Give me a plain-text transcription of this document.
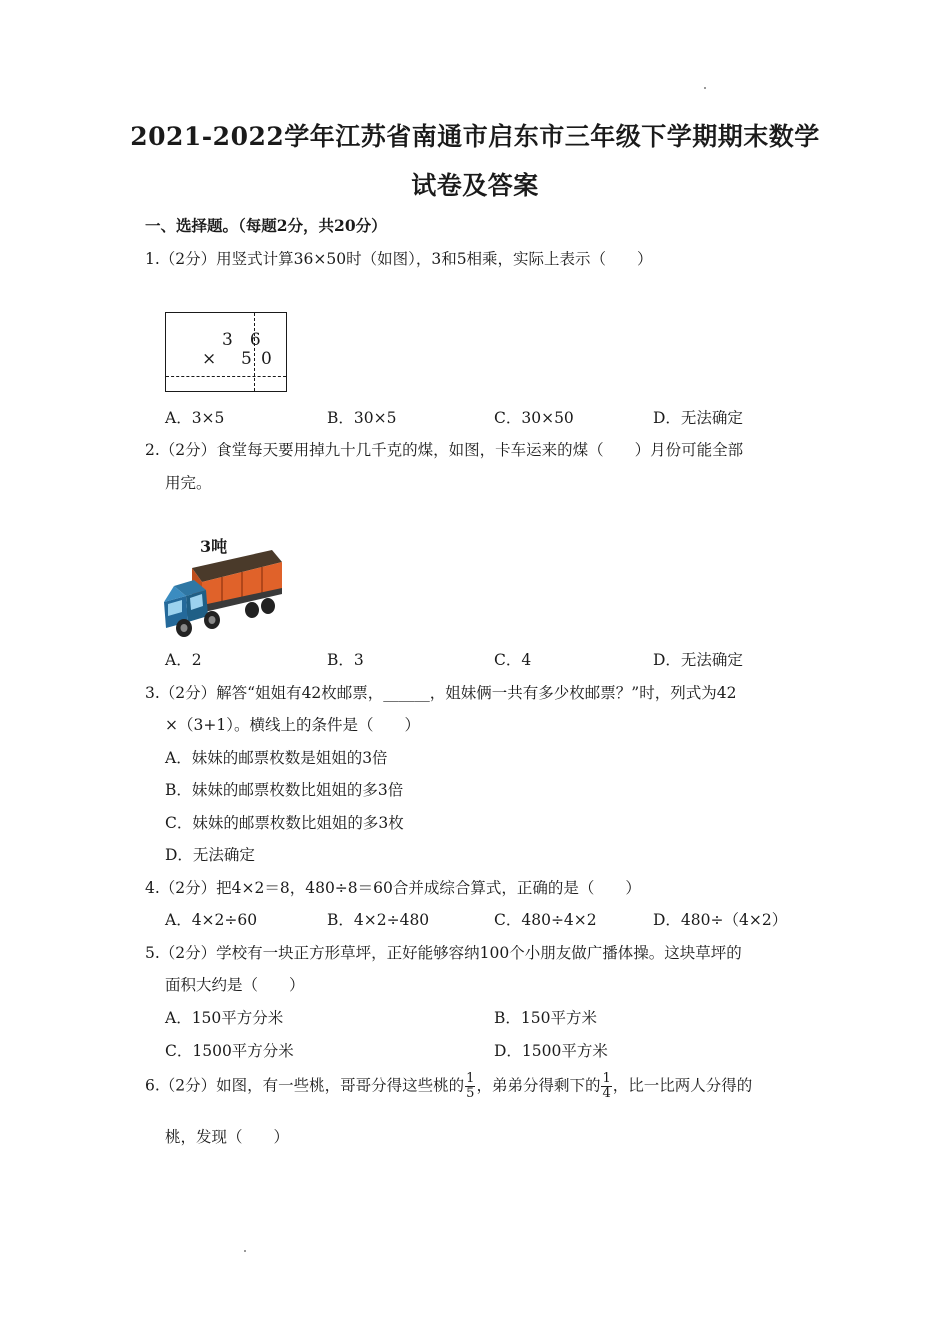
2021-2022学年江苏省南通市启东市三年级下学期期末数学
试卷及答案
一、选择题。（每题2分，共20分）
1.（2分）用竖式计算36×50时（如图），3和5相乘，实际上表示（　　）
3　6
× 5 0
A．3×5	B．30×5	C．30×50	D．无法确定
2.（2分）食堂每天要用掉九十几千克的煤，如图，卡车运来的煤（　　）月份可能全部
用完。
3吨
A．2	B．3	C．4	D．无法确定
3.（2分）解答“姐姐有42枚邮票，______，姐妹俩一共有多少枚邮票？”时，列式为42
×（3+1）。横线上的条件是（　　）
A．妹妹的邮票枚数是姐姐的3倍
B．妹妹的邮票枚数比姐姐的多3倍
C．妹妹的邮票枚数比姐姐的多3枚
D．无法确定
4.（2分）把4×2＝8，480÷8＝60合并成综合算式，正确的是（　　）
A．4×2÷60	B．4×2÷480	C．480÷4×2	D．480÷（4×2）
5.（2分）学校有一块正方形草坪，正好能够容纳100个小朋友做广播体操。这块草坪的
面积大约是（　　）
A．150平方分米	B．150平方米
C．1500平方分米	D．1500平方米
6.（2分）如图，有一些桃，哥哥分得这些桃的 $\frac{1}{5}$ ，弟弟分得剩下的 $\frac{1}{4}$ ，比一比两人分得的
桃，发现（　　）
